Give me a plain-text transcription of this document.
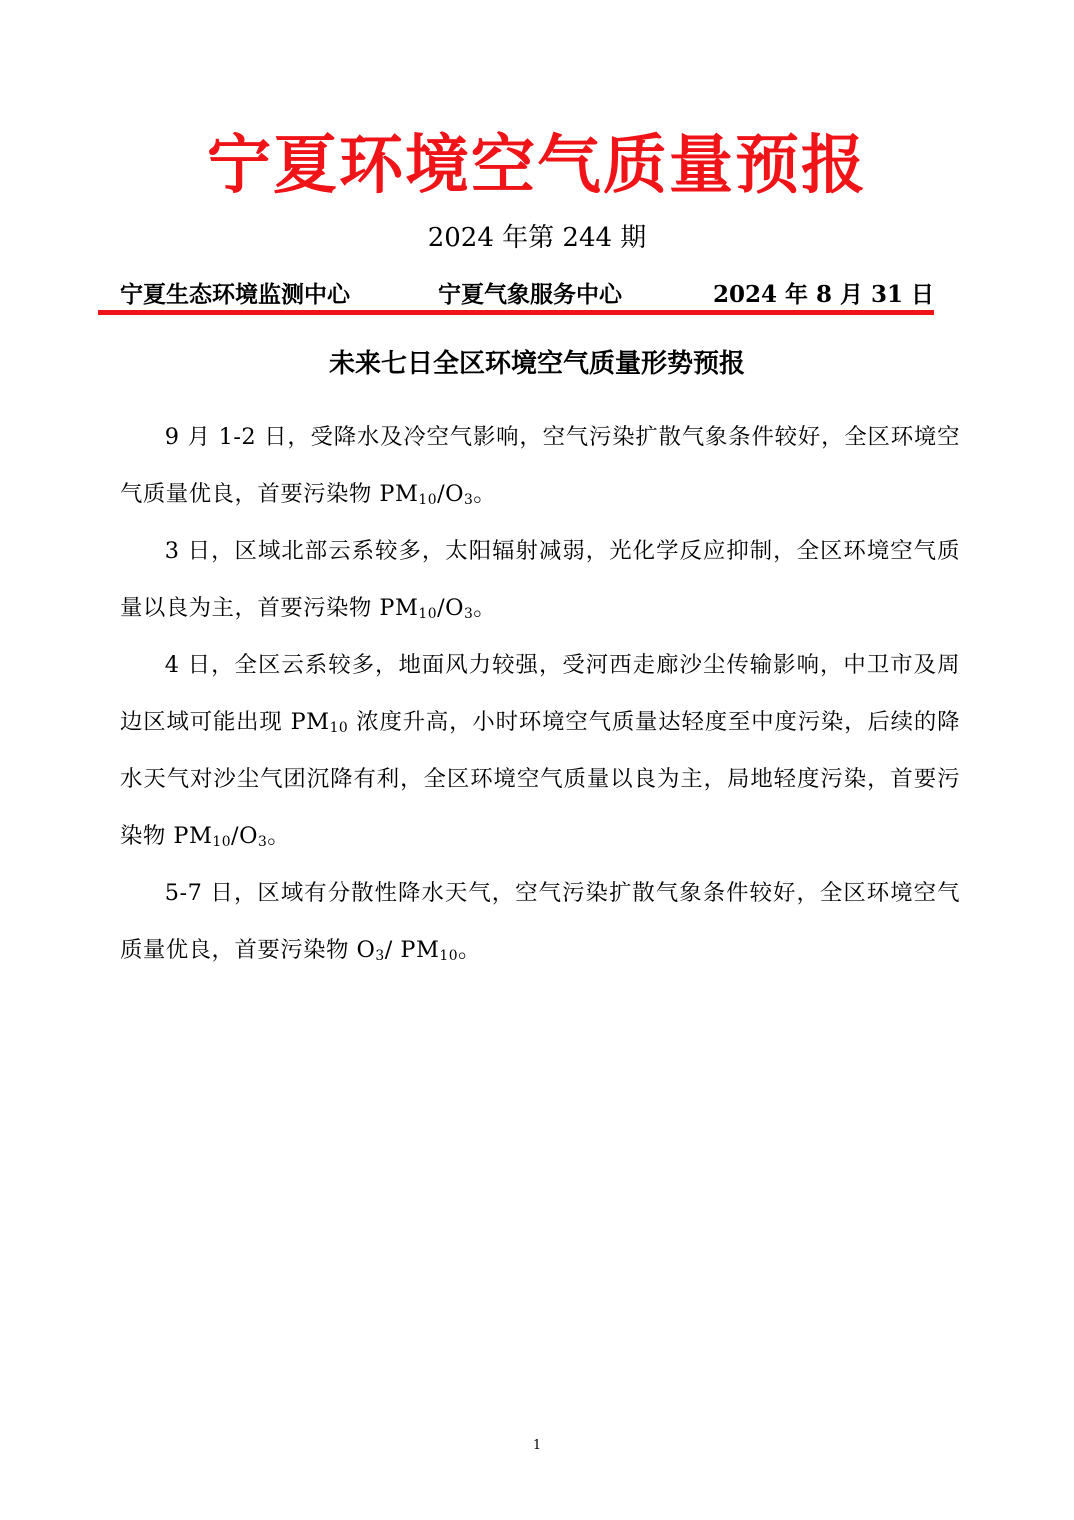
宁夏环境空气质量预报
2024 年第 244 期
宁夏生态环境监测中心	宁夏气象服务中心	2024 年 8 月 31 日
未来七日全区环境空气质量形势预报

9 月 1-2 日，受降水及冷空气影响，空气污染扩散气象条件较好，全区环境空气质量优良，首要污染物 $PM_{10}/O_3$。

3 日，区域北部云系较多，太阳辐射减弱，光化学反应抑制，全区环境空气质量以良为主，首要污染物 $PM_{10}/O_3$。

4 日，全区云系较多，地面风力较强，受河西走廊沙尘传输影响，中卫市及周边区域可能出现 $PM_{10}$ 浓度升高，小时环境空气质量达轻度至中度污染，后续的降水天气对沙尘气团沉降有利，全区环境空气质量以良为主，局地轻度污染，首要污染物 $PM_{10}/O_3$。

5-7 日，区域有分散性降水天气，空气污染扩散气象条件较好，全区环境空气质量优良，首要污染物 $O_3/$ $PM_{10}$。

1
